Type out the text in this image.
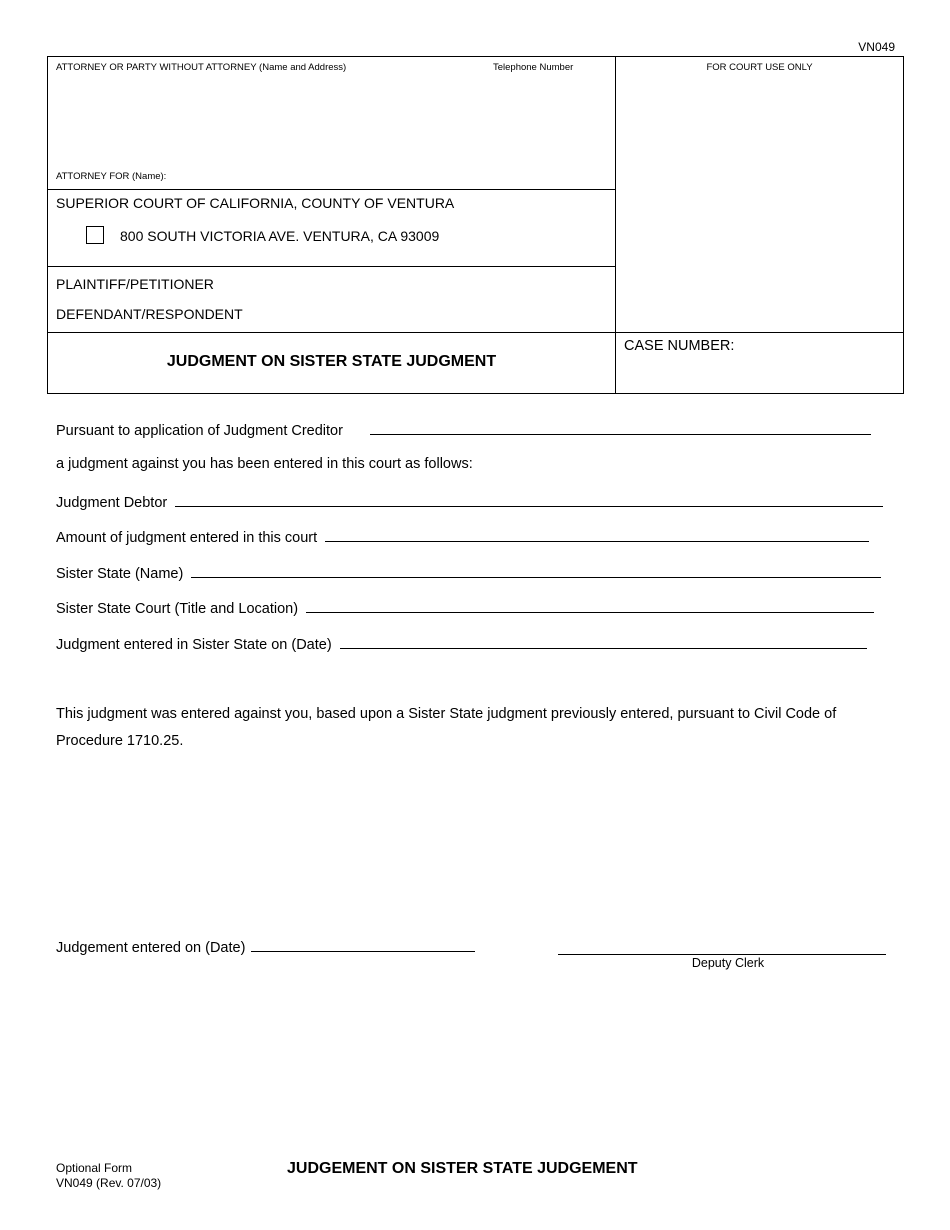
VN049
ATTORNEY OR PARTY WITHOUT ATTORNEY (Name and Address)	Telephone Number	FOR COURT USE ONLY
ATTORNEY FOR (Name):
SUPERIOR COURT OF CALIFORNIA, COUNTY OF VENTURA
800 SOUTH VICTORIA AVE. VENTURA, CA 93009
PLAINTIFF/PETITIONER
DEFENDANT/RESPONDENT
JUDGMENT ON SISTER STATE JUDGMENT
CASE NUMBER:
Pursuant to application of Judgment Creditor
a judgment against you has been entered in this court as follows:
Judgment Debtor
Amount of judgment entered in this court
Sister State (Name)
Sister State Court (Title and Location)
Judgment entered in Sister State on (Date)
This judgment was entered against you, based upon a Sister State judgment previously entered, pursuant to Civil Code of Procedure 1710.25.
Judgement entered on (Date)
Deputy Clerk
Optional Form
VN049 (Rev. 07/03)
JUDGEMENT ON SISTER STATE JUDGEMENT
